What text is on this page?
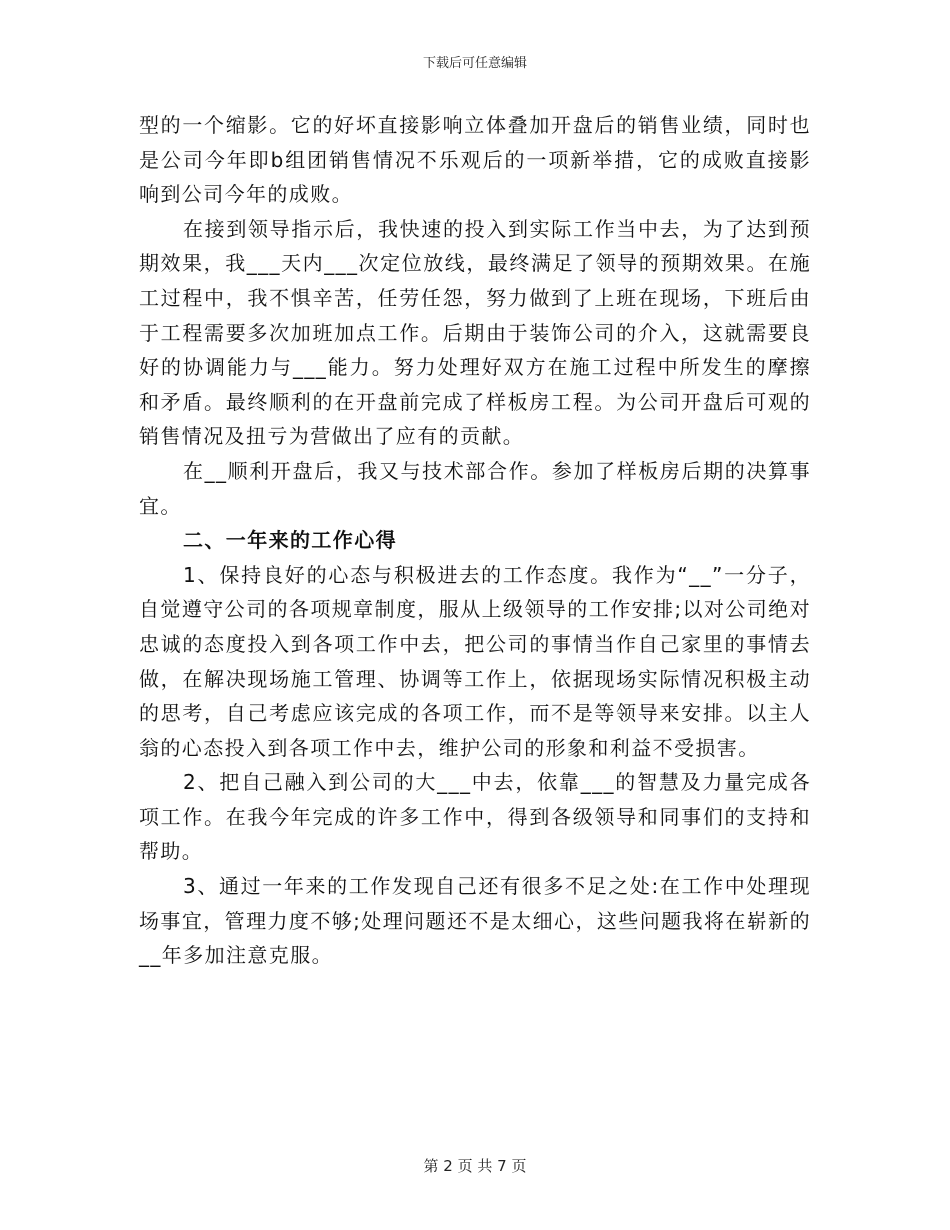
下载后可任意编辑

型的一个缩影。它的好坏直接影响立体叠加开盘后的销售业绩，同时也是公司今年即b组团销售情况不乐观后的一项新举措，它的成败直接影响到公司今年的成败。

在接到领导指示后，我快速的投入到实际工作当中去，为了达到预期效果，我___天内___次定位放线，最终满足了领导的预期效果。在施工过程中，我不惧辛苦，任劳任怨，努力做到了上班在现场，下班后由于工程需要多次加班加点工作。后期由于装饰公司的介入，这就需要良好的协调能力与___能力。努力处理好双方在施工过程中所发生的摩擦和矛盾。最终顺利的在开盘前完成了样板房工程。为公司开盘后可观的销售情况及扭亏为营做出了应有的贡献。

在__顺利开盘后，我又与技术部合作。参加了样板房后期的决算事宜。

二、一年来的工作心得

1、保持良好的心态与积极进去的工作态度。我作为“__”一分子，自觉遵守公司的各项规章制度，服从上级领导的工作安排;以对公司绝对忠诚的态度投入到各项工作中去，把公司的事情当作自己家里的事情去做，在解决现场施工管理、协调等工作上，依据现场实际情况积极主动的思考，自己考虑应该完成的各项工作，而不是等领导来安排。以主人翁的心态投入到各项工作中去，维护公司的形象和利益不受损害。

2、把自己融入到公司的大___中去，依靠___的智慧及力量完成各项工作。在我今年完成的许多工作中，得到各级领导和同事们的支持和帮助。

3、通过一年来的工作发现自己还有很多不足之处:在工作中处理现场事宜，管理力度不够;处理问题还不是太细心，这些问题我将在崭新的__年多加注意克服。

第 2 页 共 7 页
